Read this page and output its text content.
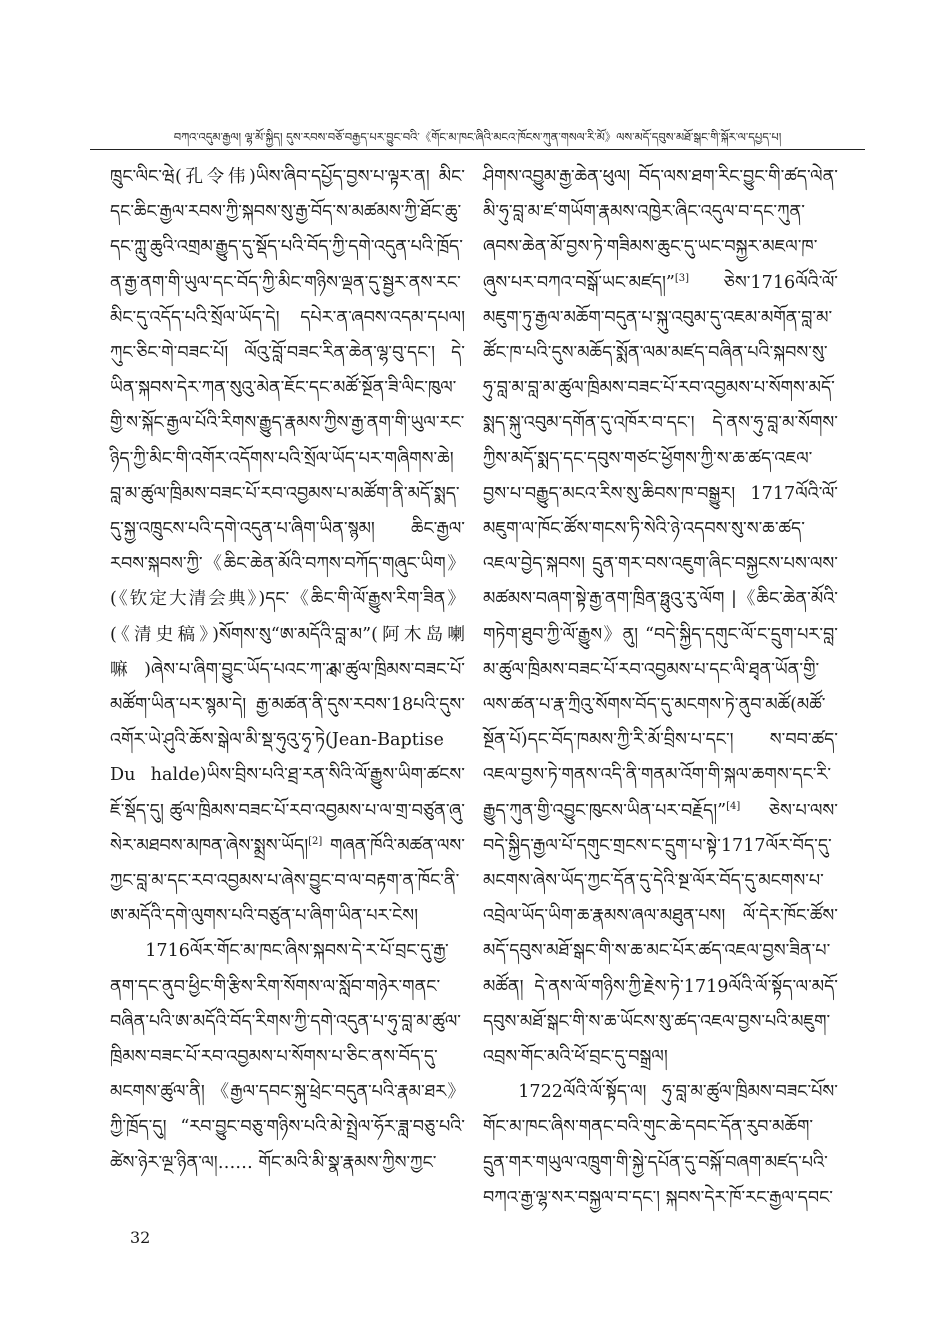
བཀའ་འདུམ་རྒྱལ། ལྷ་མོ་སྐྱིད། དུས་རབས་བཅོ་བརྒྱད་པར་བྱུང་བའི་《གོང་མ་ཁང་ཞིའི་མངའ་ཁོངས་ཀུན་གསལ་རི་མོ》ལས་མདོ་དབུས་མཐོ་སྒང་གི་སྐོར་ལ་དཔྱད་པ།

ཁྲུང་ལིང་ཝེ(孔令伟)ཡིས་ཞིབ་དཔྱོད་བྱས་པ་ལྟར་ན། མིང་དང་ཆིང་རྒྱལ་རབས་ཀྱི་སྐབས་སུ་རྒྱ་བོད་ས་མཚམས་ཀྱི་ཐོང་ཆུ་དང་ཀླུ་ཆུའི་འགྲམ་རྒྱུད་དུ་སྡོད་པའི་བོད་ཀྱི་དགེ་འདུན་པའི་ཁྲོད་ན་རྒྱ་ནག་གི་ཡུལ་དང་བོད་ཀྱི་མིང་གཉིས་ལྡན་དུ་སྦྱར་ནས་རང་མིང་དུ་འདོད་པའི་སྲོལ་ཡོད་དེ། དཔེར་ན་ཞབས་འདམ་དཔལ། ཀུང་ཅིང་གེ་བཟང་པོ། ལོའུ་བློ་བཟང་རིན་ཆེན་ལྷ་བུ་དང་། དེ་ཡིན་སྐབས་དེར་ཀན་སུའུ་མེན་ཇོང་དང་མཚོ་སྔོན་ཟི་ལིང་ཁུལ་གྱི་ས་སྐོང་རྒྱལ་པོའི་རིགས་རྒྱུད་རྣམས་ཀྱིས་རྒྱ་ནག་གི་ཡུལ་རང་ཉིད་ཀྱི་མིང་གི་འགོར་འདོགས་པའི་སྲོལ་ཡོད་པར་གཞིགས་ཆེ། བླ་མ་ཚུལ་ཁྲིམས་བཟང་པོ་རབ་འབྱམས་པ་མཚོག་ནི་མདོ་སྨད་དུ་སྐྱ་འཁྲུངས་པའི་དགེ་འདུན་པ་ཞིག་ཡིན་སྙམ། ཆིང་རྒྱལ་རབས་སྐབས་ཀྱི་《ཆིང་ཆེན་མོའི་བཀས་བཀོད་གཞུང་ཡིག》(《钦定大清会典》)དང་《ཆིང་གི་ལོ་རྒྱུས་རིག་ཟིན》(《清史稿》)སོགས་སུ“ཨ་མདོའི་བླ་མ”(阿木岛喇嘛)ཞེས་པ་ཞིག་བྱུང་ཡོད་པའང་ཀ་ླ་མ་ཚུལ་ཁྲིམས་བཟང་པོ་མཚོག་ཡིན་པར་སྙམ་དེ། རྒྱ་མཚན་ནི་དུས་རབས་18པའི་དུས་འགོར་ཡེ་ཤུའི་ཆོས་སྒེལ་མི་སྡ་ཧུའུ་ཧྭ་ཏེ(Jean-Baptise Du halde)ཡིས་བྲིས་པའི་ཐྲ་རན་སིའི་ལོ་རྒྱུས་ཡིག་ཚངས་ཇོ་སྡོད་དུ། ཚུལ་ཁྲིམས་བཟང་པོ་རབ་འབྱམས་པ་ལ་གྲ་བཙུན་ཞུ་སེར་མཐབས་མཁན་ཞེས་སྨྲས་ཡོད།[2] གཞན་ཁོའི་མཚན་ལས་ཀྱང་བླ་མ་དང་རབ་འབྱམས་པ་ཞེས་བྱུང་བ་ལ་བརྟག་ན་ཁོང་ནི་ཨ་མདོའི་དགེ་ལུགས་པའི་བཙུན་པ་ཞིག་ཡིན་པར་ངེས།

1716ལོར་གོང་མ་ཁང་ཞིས་སྐབས་དེ་ར་པོ་བྲང་དུ་རྒྱ་ནག་དང་ནུབ་ཕྱིང་གི་རྩིས་རིག་སོགས་ལ་སློབ་གཉེར་གནང་བཞིན་པའི་ཨ་མདོའི་བོད་རིགས་ཀྱི་དགེ་འདུན་པ་ཧུ་བླ་མ་ཚུལ་ཁྲིམས་བཟང་པོ་རབ་འབྱམས་པ་སོགས་པ་ཅིང་ནས་བོད་དུ་མངགས་ཚུལ་ནི། 《རྒྱལ་དབང་སྐུ་ཕྲེང་བདུན་པའི་རྣམ་ཐར》ཀྱི་ཁྲོད་དུ། “རབ་བྱུང་བཅུ་གཉིས་པའི་མེ་སྤྲེལ་ཧོར་ཟླ་བཅུ་པའི་ཚེས་ཉེར་ལྔ་ཉིན་ལ།…… གོང་མའི་མི་སྣ་རྣམས་ཀྱིས་ཀྱང་

ཤིགས་འབྱུམ་རྒྱ་ཆེན་ཕུལ། བོད་ལས་ཐག་རིང་བྱུང་གི་ཚད་ལེན་མི་ཧུ་བླ་མ་ཛ་གཡོག་རྣམས་འཁྱེར་ཞིང་འདུལ་བ་དང་ཀུན་ཞབས་ཆེན་མོ་བྱས་ཏེ་གཟིམས་ཆུང་དུ་ཡང་བསྐྱར་མཇལ་ཁ་ཞུས་པར་བཀའ་བསྒོ་ཡང་མཛད།”[3] ཅེས་1716ལོའི་ལོ་མཇུག་ཏུ་རྒྱལ་མཆོག་བདུན་པ་སྐུ་འབུམ་དུ་འཇམ་མགོན་བླ་མ་ཚོང་ཁ་པའི་དུས་མཆོད་སྨོན་ལམ་མཛད་བཞིན་པའི་སྐབས་སུ་ཧུ་བླ་མ་བླ་མ་ཚུལ་ཁྲིམས་བཟང་པོ་རབ་འབྱམས་པ་སོགས་མདོ་སྨད་སྐུ་འབུམ་དགོན་དུ་འཁོར་བ་དང་། དེ་ནས་ཧུ་བླ་མ་སོགས་ཀྱིས་མདོ་སྨད་དང་དབུས་གཙང་ཕྱོགས་ཀྱི་ས་ཆ་ཚད་འཇལ་བྱས་པ་བརྒྱུད་མངའ་རིས་སུ་ཆིབས་ཁ་བསྒྱུར། 1717ལོའི་ལོ་མཇུག་ལ་ཁོང་ཚོས་གངས་ཏི་སེའི་ཉེ་འདབས་སུ་ས་ཆ་ཚད་འཇལ་བྱེད་སྐབས། དྲུན་གར་བས་འཇུག་ཞིང་བསྐྱངས་པས་ལས་མཚམས་བཞག་སྟེ་རྒྱ་ནག་ཁྲིན་ཧྥུའུ་རུ་ལོག |《ཆིང་ཆེན་མོའི་གཏེག་ཐུབ་ཀྱི་ལོ་རྒྱུས》ནུ། “བདེ་སྐྱིད་དགུང་ལོ་ང་དྲུག་པར་བླ་མ་ཚུལ་ཁྲིམས་བཟང་པོ་རབ་འབྱམས་པ་དང་ལི་ཐྭན་ཡོན་གྱི་ལས་ཚན་པ་རྣ་ཀྲིའུ་སོགས་བོད་དུ་མངགས་ཏེ་ནུབ་མཚོ(མཚོ་སྔོན་པོ)དང་བོད་ཁམས་ཀྱི་རི་མོ་བྲིས་པ་དང་། ས་བབ་ཚད་འཇལ་བྱས་ཏེ་གནས་འདི་ནི་གནམ་འོག་གི་སྐལ་ཆགས་དང་རི་རྒྱུད་ཀུན་གྱི་འབྱུང་ཁུངས་ཡིན་པར་བརྗོད།”[4] ཅེས་པ་ལས་བདེ་སྐྱིད་རྒྱལ་པོ་དགུང་གྲངས་ང་དྲུག་པ་སྟེ་1717ལོར་བོད་དུ་མངགས་ཞེས་ཡོད་ཀྱང་དོན་དུ་དེའི་སྔ་ལོར་བོད་དུ་མངགས་པ་འབྲེལ་ཡོད་ཡིག་ཆ་རྣམས་ཞལ་མཐུན་པས། ལོ་དེར་ཁོང་ཚོས་མདོ་དབུས་མཐོ་སྒང་གི་ས་ཆ་མང་པོར་ཚད་འཇལ་བྱས་ཟིན་པ་མཚོན། དེ་ནས་ལོ་གཉིས་ཀྱི་རྗེས་ཏེ་1719ལོའི་ལོ་སྟོད་ལ་མདོ་དབུས་མཐོ་སྒང་གི་ས་ཆ་ཡོངས་སུ་ཚད་འཇལ་བྱས་པའི་མཇུག་འབྲས་གོང་མའི་ཕོ་བྲང་དུ་བསྒྲལ།

1722ལོའི་ལོ་སྟོད་ལ། ཧུ་བླ་མ་ཚུལ་ཁྲིམས་བཟང་པོས་གོང་མ་ཁང་ཞིས་གནང་བའི་གུང་ཆེ་དབང་དོན་རུབ་མཆོག་དྲུན་གར་གཡུལ་འཁྲུག་གི་སྐྱེ་དཔོན་དུ་བསྐོ་བཞག་མཛད་པའི་བཀའ་རྒྱ་ལྷ་སར་བསྐྱལ་བ་དང་། སྐབས་དེར་ཁོ་རང་རྒྱལ་དབང་

32
